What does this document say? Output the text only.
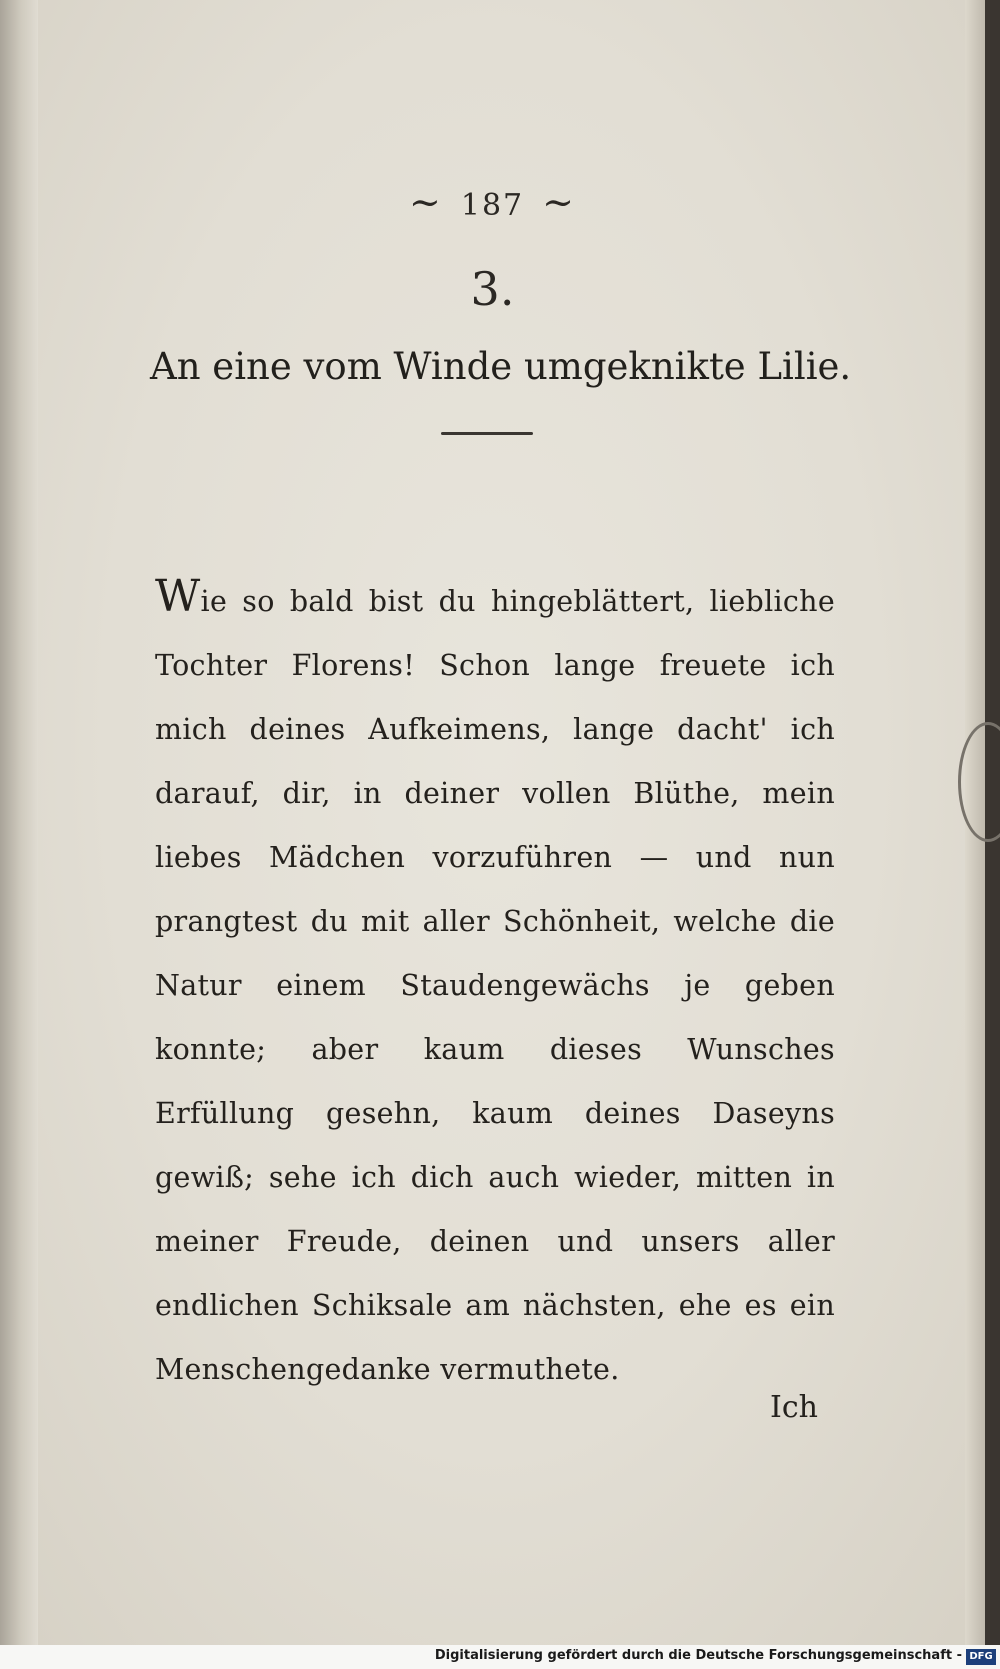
~ 187 ~
3.
An eine vom Winde umgeknikte Lilie.
Wie so bald bist du hingeblättert, liebliche Tochter Florens! Schon lange freuete ich mich deines Aufkeimens, lange dacht' ich darauf, dir, in deiner vollen Blüthe, mein liebes Mädchen vorzuführen — und nun prangtest du mit aller Schönheit, welche die Natur einem Staudengewächs je geben konnte; aber kaum dieses Wunsches Erfüllung gesehn, kaum deines Daseyns gewiß; sehe ich dich auch wieder, mitten in meiner Freude, deinen und unsers aller endlichen Schiksale am nächsten, ehe es ein Menschengedanke vermuthete.
Ich
Digitalisierung gefördert durch die Deutsche Forschungsgemeinschaft - DFG
